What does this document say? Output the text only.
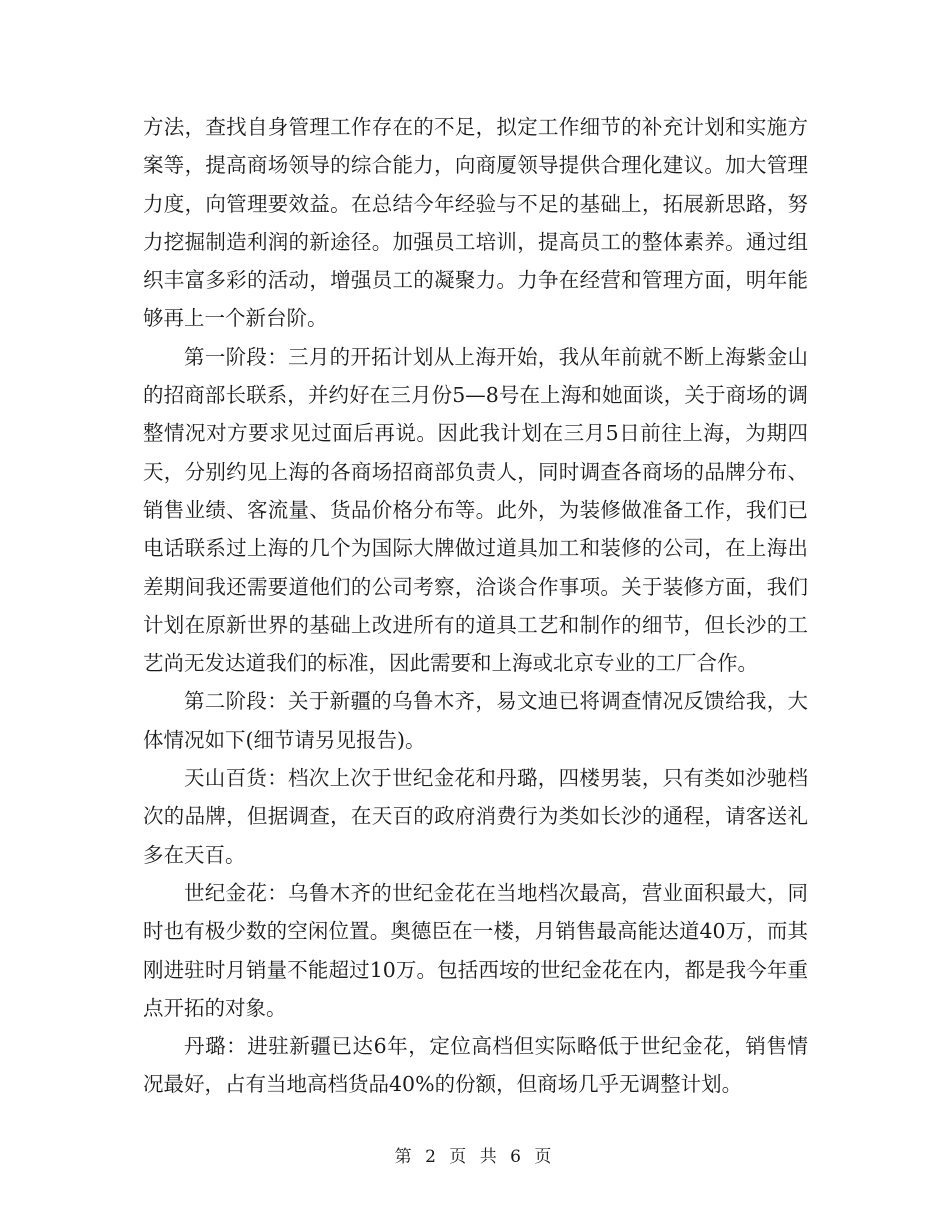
方法，查找自身管理工作存在的不足，拟定工作细节的补充计划和实施方案等，提高商场领导的综合能力，向商厦领导提供合理化建议。加大管理力度，向管理要效益。在总结今年经验与不足的基础上，拓展新思路，努力挖掘制造利润的新途径。加强员工培训，提高员工的整体素养。通过组织丰富多彩的活动，增强员工的凝聚力。力争在经营和管理方面，明年能够再上一个新台阶。

第一阶段：三月的开拓计划从上海开始，我从年前就不断上海紫金山的招商部长联系，并约好在三月份5—8号在上海和她面谈，关于商场的调整情况对方要求见过面后再说。因此我计划在三月5日前往上海，为期四天，分别约见上海的各商场招商部负责人，同时调查各商场的品牌分布、销售业绩、客流量、货品价格分布等。此外，为装修做准备工作，我们已电话联系过上海的几个为国际大牌做过道具加工和装修的公司，在上海出差期间我还需要道他们的公司考察，洽谈合作事项。关于装修方面，我们计划在原新世界的基础上改进所有的道具工艺和制作的细节，但长沙的工艺尚无发达道我们的标准，因此需要和上海或北京专业的工厂合作。

第二阶段：关于新疆的乌鲁木齐，易文迪已将调查情况反馈给我，大体情况如下(细节请另见报告)。

天山百货：档次上次于世纪金花和丹璐，四楼男装，只有类如沙驰档次的品牌，但据调查，在天百的政府消费行为类如长沙的通程，请客送礼多在天百。

世纪金花：乌鲁木齐的世纪金花在当地档次最高，营业面积最大，同时也有极少数的空闲位置。奥德臣在一楼，月销售最高能达道40万，而其刚进驻时月销量不能超过10万。包括西垵的世纪金花在内，都是我今年重点开拓的对象。

丹璐：进驻新疆已达6年，定位高档但实际略低于世纪金花，销售情况最好，占有当地高档货品40%的份额，但商场几乎无调整计划。

第 2 页 共 6 页
